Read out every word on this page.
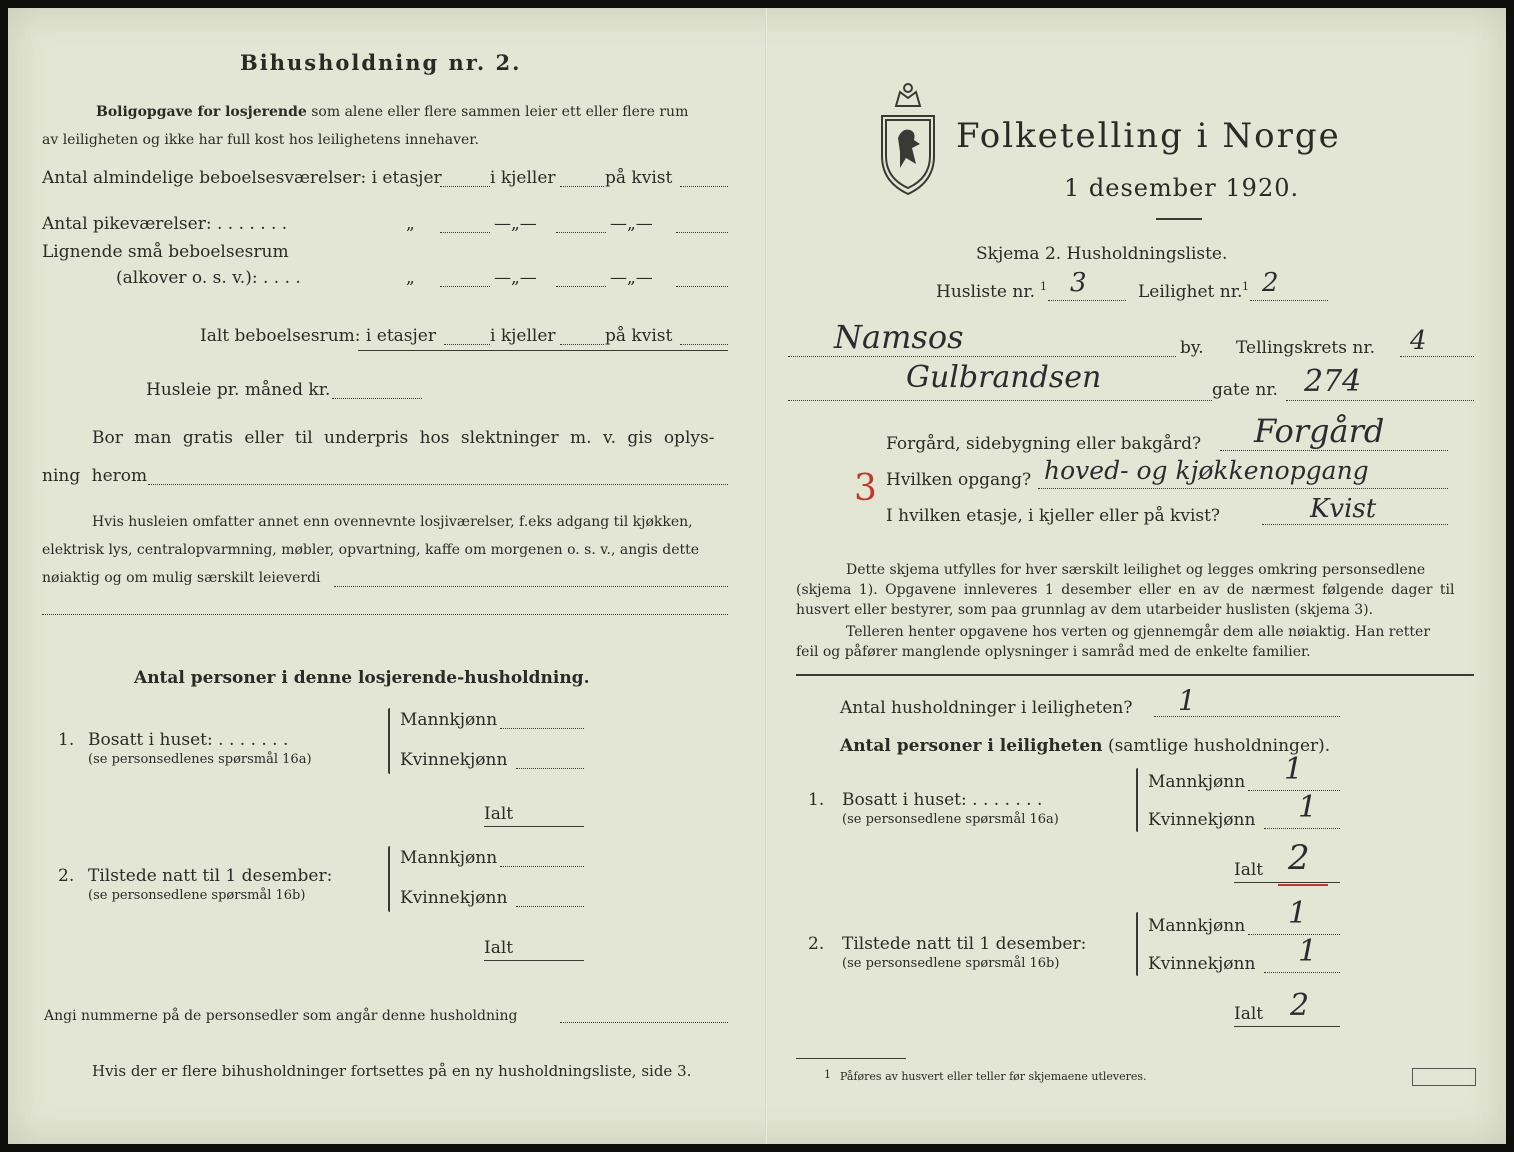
Bihusholdning nr. 2.
Boligopgave for losjerende som alene eller flere sammen leier ett eller flere rum
av leiligheten og ikke har full kost hos leilighetens innehaver.
Antal almindelige beboelsesværelser: i etasjer	i kjeller	på kvist
Antal pikeværelser: . . . . . . .	„	—„—	—„—
Lignende små beboelsesrum
(alkover o. s. v.): . . . .	„	—„—	—„—
Ialt beboelsesrum: i etasjer	i kjeller	på kvist
Husleie pr. måned kr.
Bor man gratis eller til underpris hos slektninger m. v. gis oplys-
ning herom
Hvis husleien omfatter annet enn ovennevnte losjiværelser, f.eks adgang til kjøkken,
elektrisk lys, centralopvarmning, møbler, opvartning, kaffe om morgenen o. s. v., angis dette
nøiaktig og om mulig særskilt leieverdi
Antal personer i denne losjerende-husholdning.
1. Bosatt i huset: . . . . . . .
(se personsedlenes spørsmål 16a)
Mannkjønn
Kvinnekjønn
Ialt
2. Tilstede natt til 1 desember:
(se personsedlene spørsmål 16b)
Mannkjønn
Kvinnekjønn
Ialt
Angi nummerne på de personsedler som angår denne husholdning
Hvis der er flere bihusholdninger fortsettes på en ny husholdningsliste, side 3.
Folketelling i Norge
1 desember 1920.
Skjema 2. Husholdningsliste.
Husliste nr. 1 3	Leilighet nr. 1 2
Namsos	by. Tellingskrets nr. 4
Gulbrandsen	gate nr. 274
Forgård, sidebygning eller bakgård? Forgård
3 Hvilken opgang? hoved- og kjøkkenopgang
I hvilken etasje, i kjeller eller på kvist?	Kvist
Dette skjema utfylles for hver særskilt leilighet og legges omkring personsedlene
(skjema 1). Opgavene innleveres 1 desember eller en av de nærmest følgende dager til
husvert eller bestyrer, som paa grunnlag av dem utarbeider huslisten (skjema 3).
Telleren henter opgavene hos verten og gjennemgår dem alle nøiaktig. Han retter
feil og påfører manglende oplysninger i samråd med de enkelte familier.
Antal husholdninger i leiligheten? 1
Antal personer i leiligheten (samtlige husholdninger).
1. Bosatt i huset: . . . . . . .
(se personsedlene spørsmål 16a)
Mannkjønn 1
Kvinnekjønn 1
Ialt 2
2. Tilstede natt til 1 desember:
(se personsedlene spørsmål 16b)
Mannkjønn 1
Kvinnekjønn 1
Ialt 2
1 Påføres av husvert eller teller før skjemaene utleveres.
